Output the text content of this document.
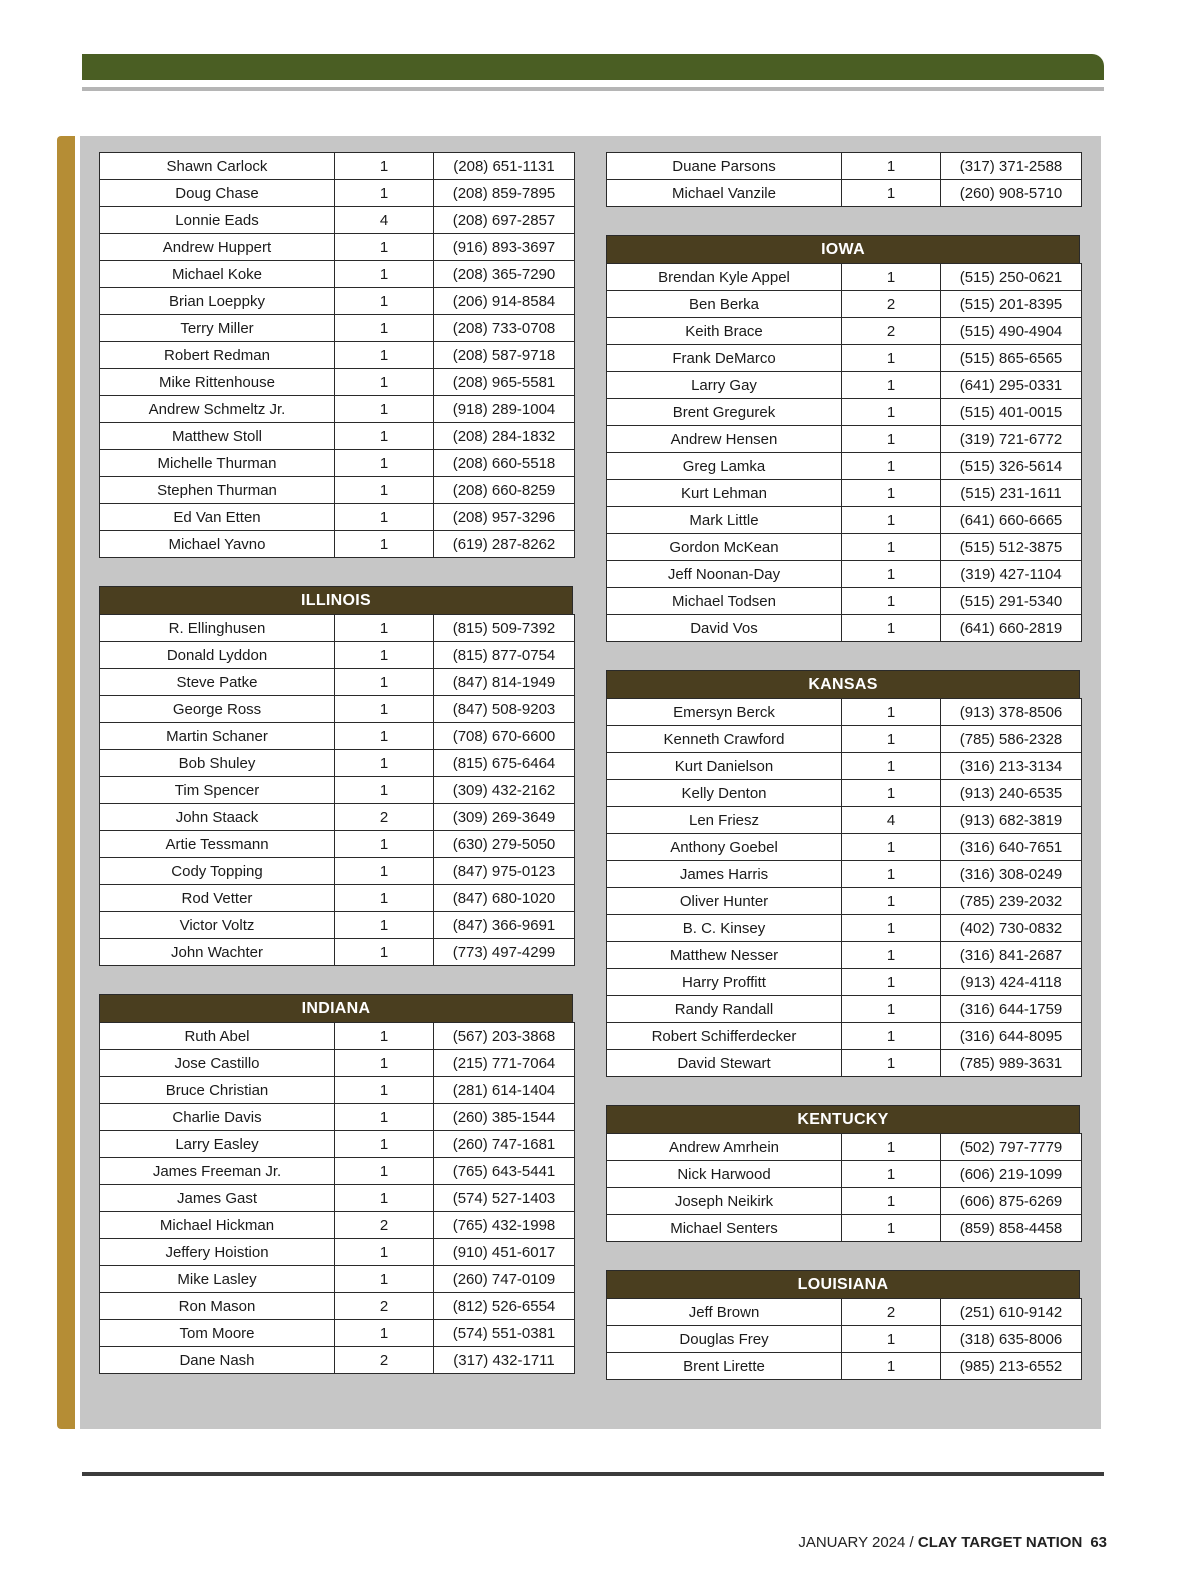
Shawn Carlock	1	(208) 651-1131
Doug Chase	1	(208) 859-7895
Lonnie Eads	4	(208) 697-2857
Andrew Huppert	1	(916) 893-3697
Michael Koke	1	(208) 365-7290
Brian Loeppky	1	(206) 914-8584
Terry Miller	1	(208) 733-0708
Robert Redman	1	(208) 587-9718
Mike Rittenhouse	1	(208) 965-5581
Andrew Schmeltz Jr.	1	(918) 289-1004
Matthew Stoll	1	(208) 284-1832
Michelle Thurman	1	(208) 660-5518
Stephen Thurman	1	(208) 660-8259
Ed Van Etten	1	(208) 957-3296
Michael Yavno	1	(619) 287-8262
ILLINOIS
R. Ellinghusen	1	(815) 509-7392
Donald Lyddon	1	(815) 877-0754
Steve Patke	1	(847) 814-1949
George Ross	1	(847) 508-9203
Martin Schaner	1	(708) 670-6600
Bob Shuley	1	(815) 675-6464
Tim Spencer	1	(309) 432-2162
John Staack	2	(309) 269-3649
Artie Tessmann	1	(630) 279-5050
Cody Topping	1	(847) 975-0123
Rod Vetter	1	(847) 680-1020
Victor Voltz	1	(847) 366-9691
John Wachter	1	(773) 497-4299
INDIANA
Ruth Abel	1	(567) 203-3868
Jose Castillo	1	(215) 771-7064
Bruce Christian	1	(281) 614-1404
Charlie Davis	1	(260) 385-1544
Larry Easley	1	(260) 747-1681
James Freeman Jr.	1	(765) 643-5441
James Gast	1	(574) 527-1403
Michael Hickman	2	(765) 432-1998
Jeffery Hoistion	1	(910) 451-6017
Mike Lasley	1	(260) 747-0109
Ron Mason	2	(812) 526-6554
Tom Moore	1	(574) 551-0381
Dane Nash	2	(317) 432-1711
Duane Parsons	1	(317) 371-2588
Michael Vanzile	1	(260) 908-5710
IOWA
Brendan Kyle Appel	1	(515) 250-0621
Ben Berka	2	(515) 201-8395
Keith Brace	2	(515) 490-4904
Frank DeMarco	1	(515) 865-6565
Larry Gay	1	(641) 295-0331
Brent Gregurek	1	(515) 401-0015
Andrew Hensen	1	(319) 721-6772
Greg Lamka	1	(515) 326-5614
Kurt Lehman	1	(515) 231-1611
Mark Little	1	(641) 660-6665
Gordon McKean	1	(515) 512-3875
Jeff Noonan-Day	1	(319) 427-1104
Michael Todsen	1	(515) 291-5340
David Vos	1	(641) 660-2819
KANSAS
Emersyn Berck	1	(913) 378-8506
Kenneth Crawford	1	(785) 586-2328
Kurt Danielson	1	(316) 213-3134
Kelly Denton	1	(913) 240-6535
Len Friesz	4	(913) 682-3819
Anthony Goebel	1	(316) 640-7651
James Harris	1	(316) 308-0249
Oliver Hunter	1	(785) 239-2032
B. C. Kinsey	1	(402) 730-0832
Matthew Nesser	1	(316) 841-2687
Harry Proffitt	1	(913) 424-4118
Randy Randall	1	(316) 644-1759
Robert Schifferdecker	1	(316) 644-8095
David Stewart	1	(785) 989-3631
KENTUCKY
Andrew Amrhein	1	(502) 797-7779
Nick Harwood	1	(606) 219-1099
Joseph Neikirk	1	(606) 875-6269
Michael Senters	1	(859) 858-4458
LOUISIANA
Jeff Brown	2	(251) 610-9142
Douglas Frey	1	(318) 635-8006
Brent Lirette	1	(985) 213-6552
JANUARY 2024 / CLAY TARGET NATION 63
